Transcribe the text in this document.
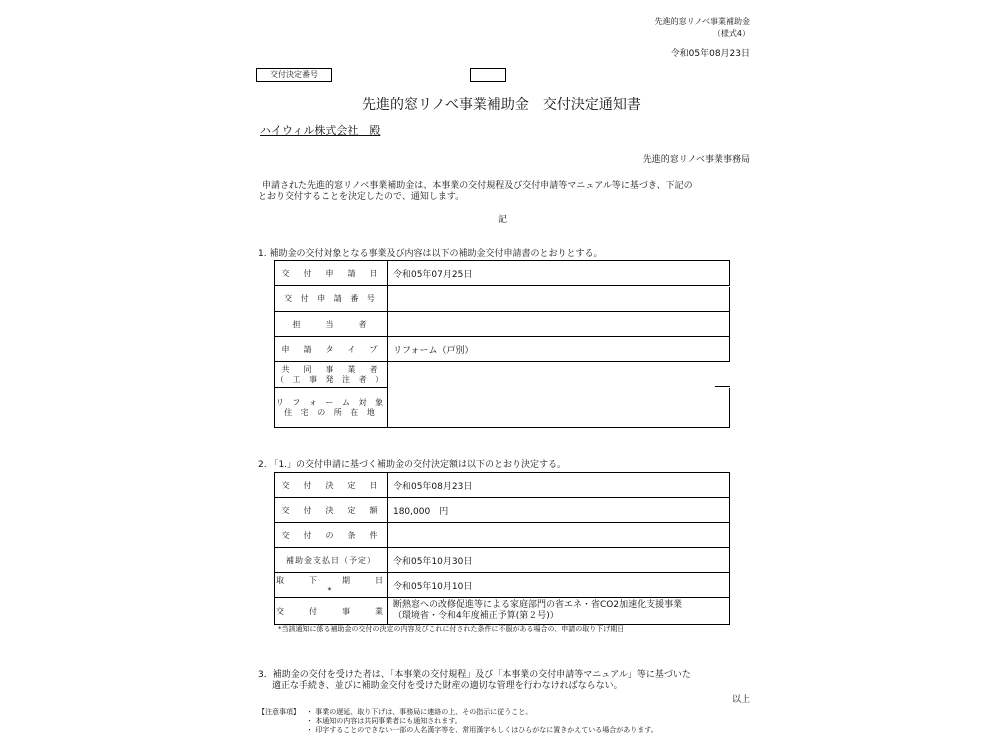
先進的窓リノベ事業補助金
（様式4）
令和05年08月23日
交付決定番号
先進的窓リノベ事業補助金　交付決定通知書
ハイウィル株式会社　殿
先進的窓リノベ事業事務局
申請された先進的窓リノベ事業補助金は、本事業の交付規程及び交付申請等マニュアル等に基づき、下記の
とおり交付することを決定したので、通知します。
記
1. 補助金の交付対象となる事業及び内容は以下の補助金交付申請書のとおりとする。
交　付　申　請　日	令和05年07月25日
交 付 申 請 番 号	
担　　当　　者	
申　請　タ　イ　プ	リフォーム（戸別）

共　同　事　業　者
（ 工 事 発 注 者 ）	

リ フ ォ ー ム 対 象
住 宅 の 所 在 地	

2. 「1.」の交付申請に基づく補助金の交付決定額は以下のとおり決定する。
交　付　決　定　日	令和05年08月23日
交　付　決　定　額	180,000　円
交　付　の　条　件	
補助金支払日（予定）	令和05年10月30日
取　　下　　期　　日*	令和05年10月10日
交　　付　　事　　業	断熱窓への改修促進等による家庭部門の省エネ・省CO2加速化支援事業
（環境省・令和4年度補正予算(第２号)）
*当該通知に係る補助金の交付の決定の内容及びこれに付された条件に不服がある場合の、申請の取り下げ期日
3．補助金の交付を受けた者は、「本事業の交付規程」及び「本事業の交付申請等マニュアル」等に基づいた
適正な手続き、並びに補助金交付を受けた財産の適切な管理を行わなければならない。
以上
【注意事項】 ・ 事業の遅延、取り下げは、事務局に連絡の上、その指示に従うこと。
・ 本通知の内容は共同事業者にも通知されます。
・ 印字することのできない一部の人名漢字等を、常用漢字もしくはひらがなに置きかえている場合があります。
